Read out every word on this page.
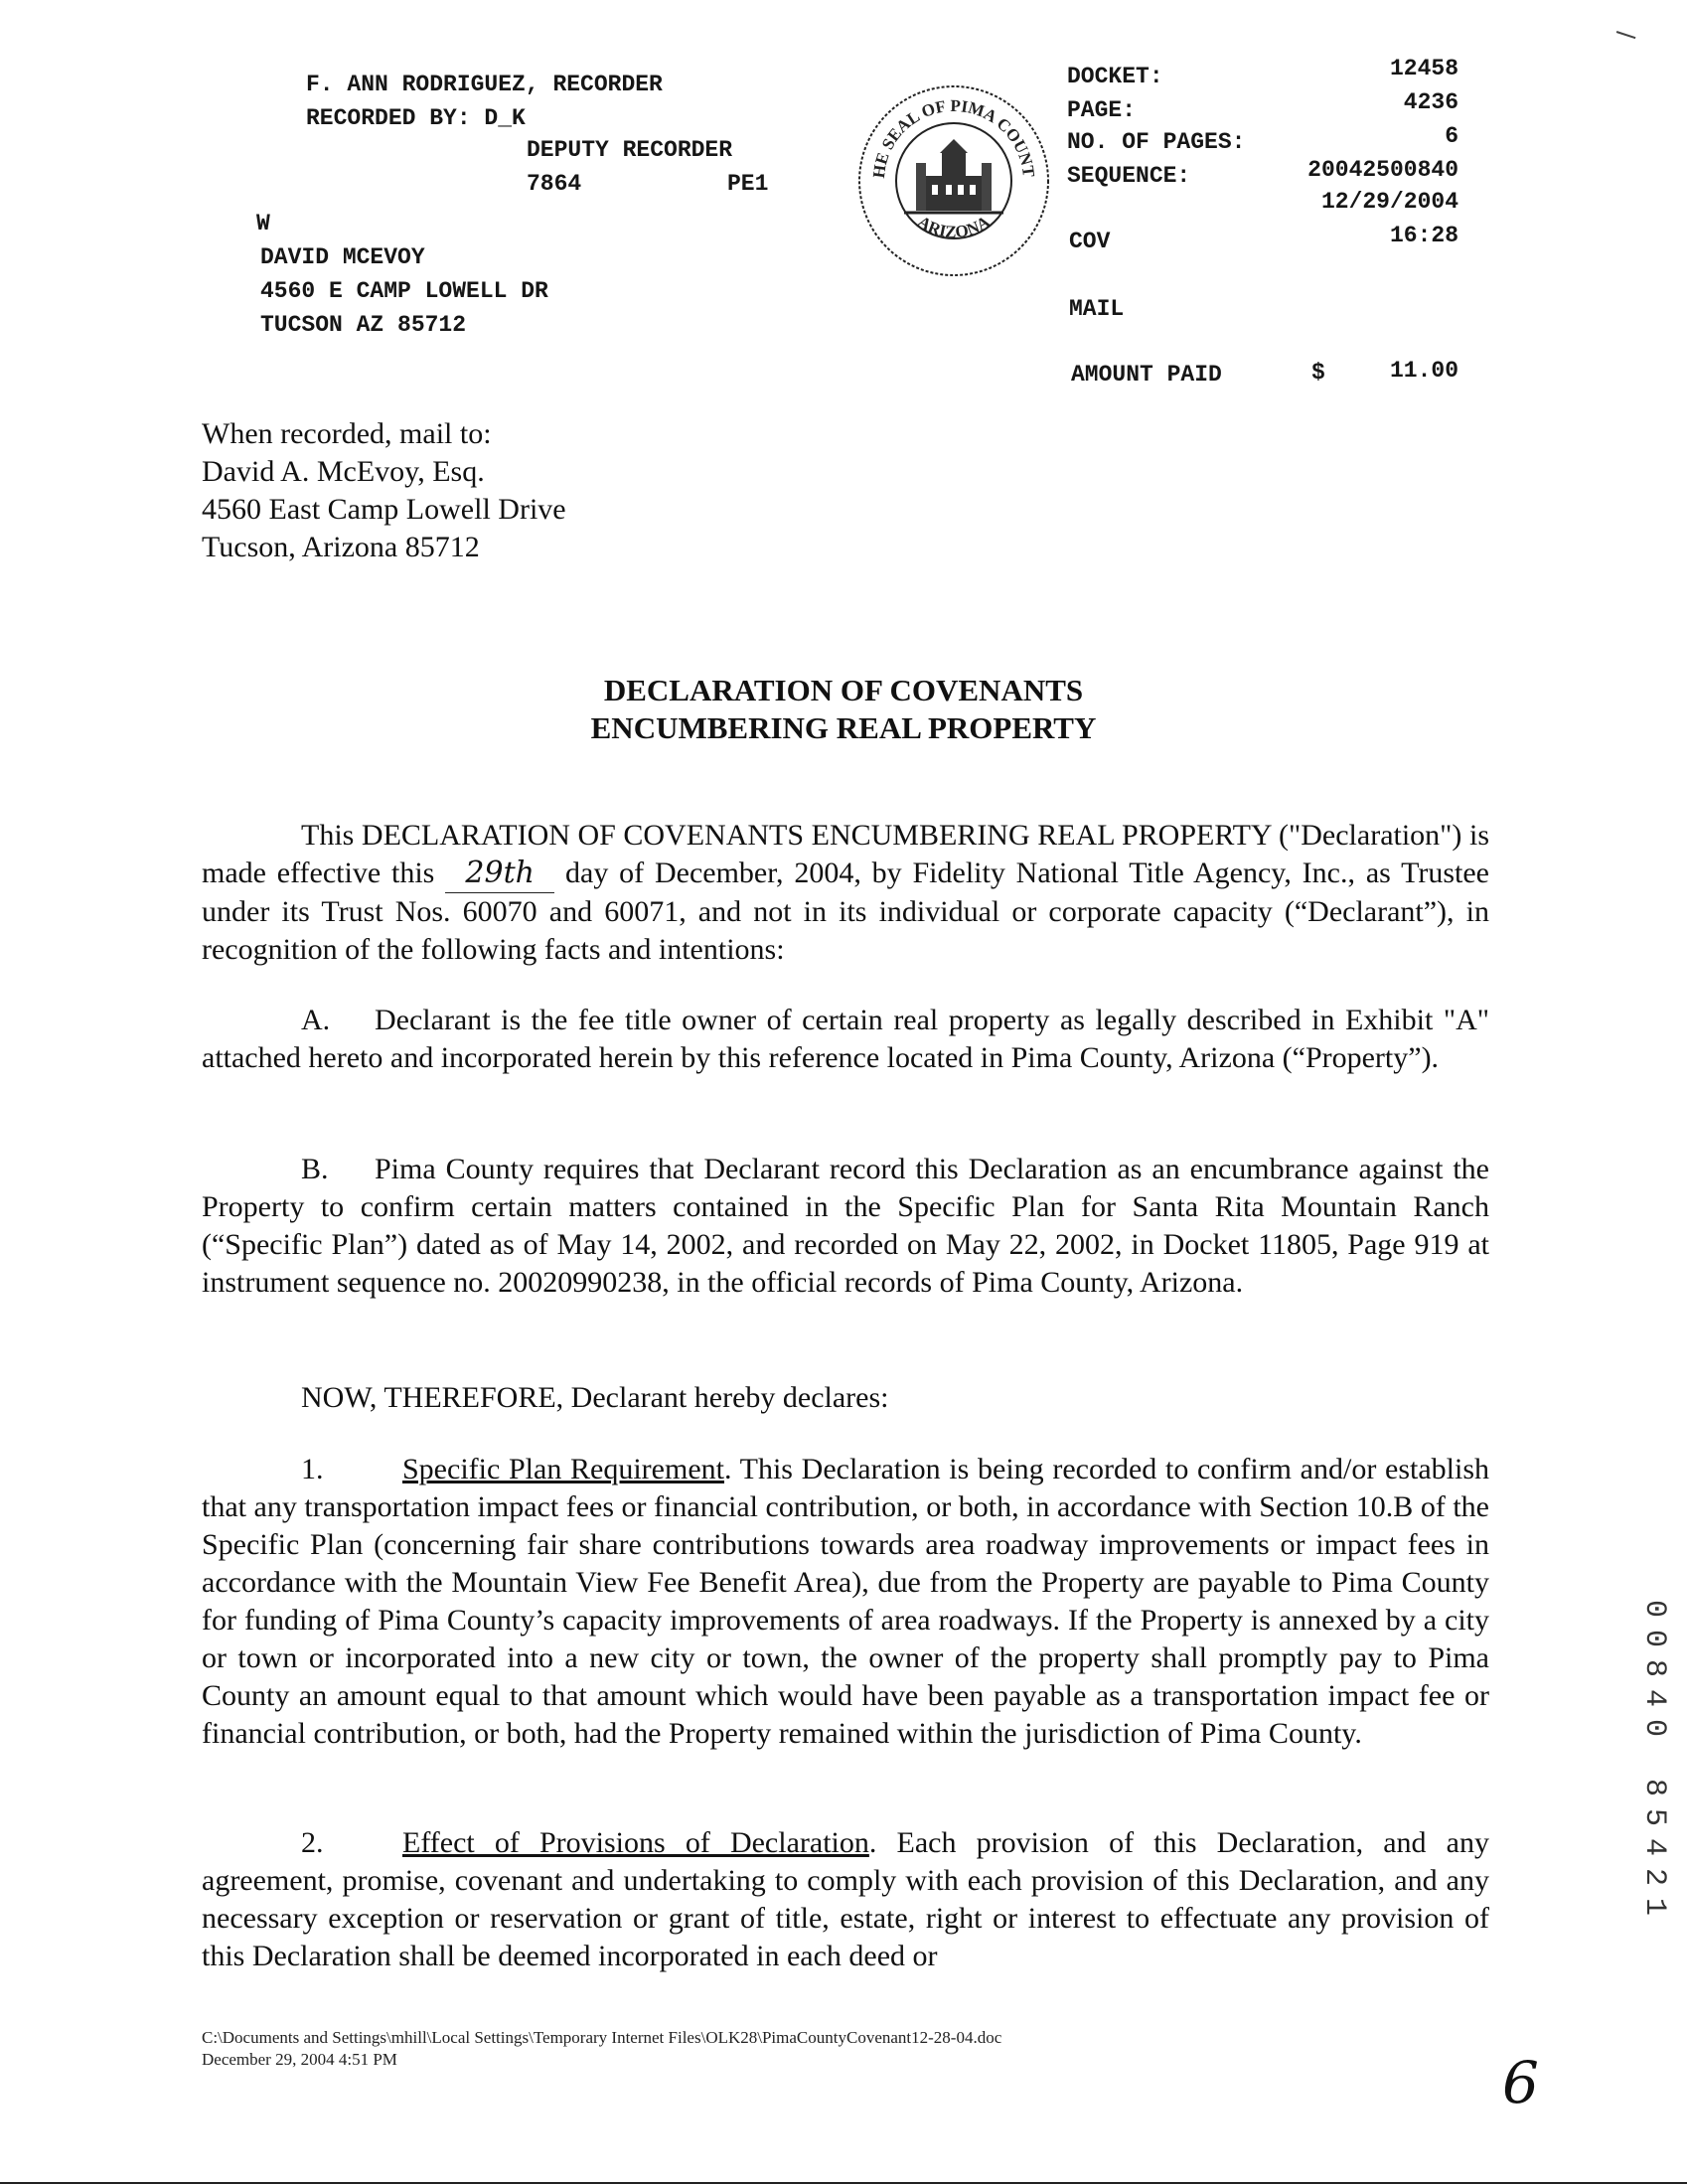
F. ANN RODRIGUEZ, RECORDER
RECORDED BY: D_K
DEPUTY RECORDER
7864	PE1
W
DAVID MCEVOY
4560 E CAMP LOWELL DR
TUCSON AZ 85712
HE SEAL OF PIMA COUNT
ARIZONA
DOCKET:	12458
PAGE:	4236
NO. OF PAGES:	6
SEQUENCE:	20042500840
12/29/2004
COV	16:28
MAIL
AMOUNT PAID	$	11.00
When recorded, mail to:
David A. McEvoy, Esq.
4560 East Camp Lowell Drive
Tucson, Arizona 85712
DECLARATION OF COVENANTS
ENCUMBERING REAL PROPERTY
This DECLARATION OF COVENANTS ENCUMBERING REAL PROPERTY ("Declaration") is made effective this 29th day of December, 2004, by Fidelity National Title Agency, Inc., as Trustee under its Trust Nos. 60070 and 60071, and not in its individual or corporate capacity (“Declarant”), in recognition of the following facts and intentions:
A. Declarant is the fee title owner of certain real property as legally described in Exhibit "A" attached hereto and incorporated herein by this reference located in Pima County, Arizona (“Property”).
B. Pima County requires that Declarant record this Declaration as an encumbrance against the Property to confirm certain matters contained in the Specific Plan for Santa Rita Mountain Ranch (“Specific Plan”) dated as of May 14, 2002, and recorded on May 22, 2002, in Docket 11805, Page 919 at instrument sequence no. 20020990238, in the official records of Pima County, Arizona.
NOW, THEREFORE, Declarant hereby declares:
1.	Specific Plan Requirement. This Declaration is being recorded to confirm and/or establish that any transportation impact fees or financial contribution, or both, in accordance with Section 10.B of the Specific Plan (concerning fair share contributions towards area roadway improvements or impact fees in accordance with the Mountain View Fee Benefit Area), due from the Property are payable to Pima County for funding of Pima County’s capacity improvements of area roadways. If the Property is annexed by a city or town or incorporated into a new city or town, the owner of the property shall promptly pay to Pima County an amount equal to that amount which would have been payable as a transportation impact fee or financial contribution, or both, had the Property remained within the jurisdiction of Pima County.
2.	Effect of Provisions of Declaration. Each provision of this Declaration, and any agreement, promise, covenant and undertaking to comply with each provision of this Declaration, and any necessary exception or reservation or grant of title, estate, right or interest to effectuate any provision of this Declaration shall be deemed incorporated in each deed or
00840 85421
C:\Documents and Settings\mhill\Local Settings\Temporary Internet Files\OLK28\PimaCountyCovenant12-28-04.doc
December 29, 2004 4:51 PM	6
